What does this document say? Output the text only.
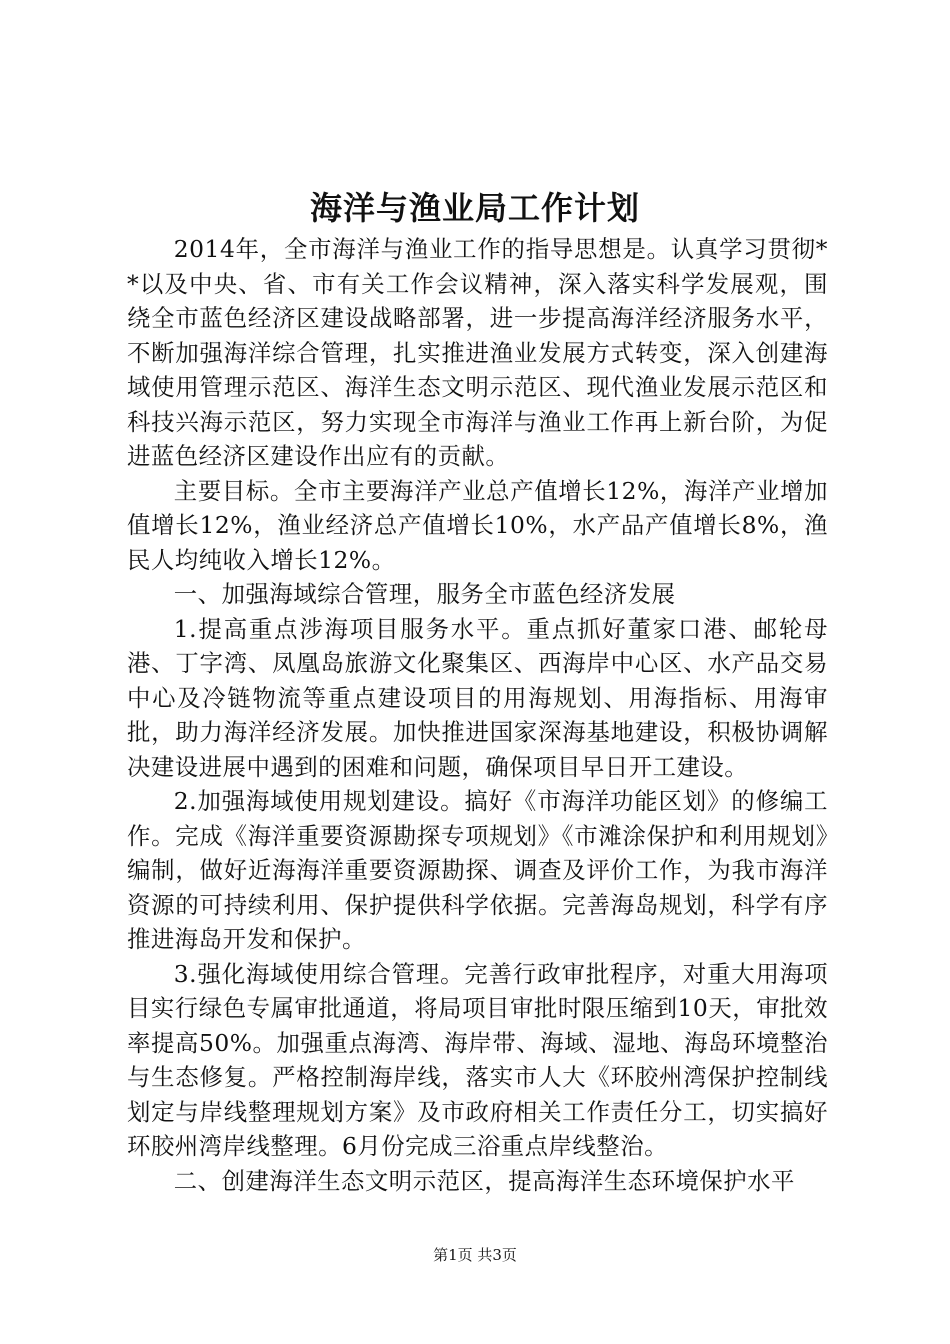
海洋与渔业局工作计划

2014年，全市海洋与渔业工作的指导思想是。认真学习贯彻**以及中央、省、市有关工作会议精神，深入落实科学发展观，围绕全市蓝色经济区建设战略部署，进一步提高海洋经济服务水平，不断加强海洋综合管理，扎实推进渔业发展方式转变，深入创建海域使用管理示范区、海洋生态文明示范区、现代渔业发展示范区和科技兴海示范区，努力实现全市海洋与渔业工作再上新台阶，为促进蓝色经济区建设作出应有的贡献。

主要目标。全市主要海洋产业总产值增长12%，海洋产业增加值增长12%，渔业经济总产值增长10%，水产品产值增长8%，渔民人均纯收入增长12%。

一、加强海域综合管理，服务全市蓝色经济发展

1.提高重点涉海项目服务水平。重点抓好董家口港、邮轮母港、丁字湾、凤凰岛旅游文化聚集区、西海岸中心区、水产品交易中心及冷链物流等重点建设项目的用海规划、用海指标、用海审批，助力海洋经济发展。加快推进国家深海基地建设，积极协调解决建设进展中遇到的困难和问题，确保项目早日开工建设。

2.加强海域使用规划建设。搞好《市海洋功能区划》的修编工作。完成《海洋重要资源勘探专项规划》《市滩涂保护和利用规划》编制，做好近海海洋重要资源勘探、调查及评价工作，为我市海洋资源的可持续利用、保护提供科学依据。完善海岛规划，科学有序推进海岛开发和保护。

3.强化海域使用综合管理。完善行政审批程序，对重大用海项目实行绿色专属审批通道，将局项目审批时限压缩到10天，审批效率提高50%。加强重点海湾、海岸带、海域、湿地、海岛环境整治与生态修复。严格控制海岸线，落实市人大《环胶州湾保护控制线划定与岸线整理规划方案》及市政府相关工作责任分工，切实搞好环胶州湾岸线整理。6月份完成三浴重点岸线整治。

二、创建海洋生态文明示范区，提高海洋生态环境保护水平

第1页 共3页
